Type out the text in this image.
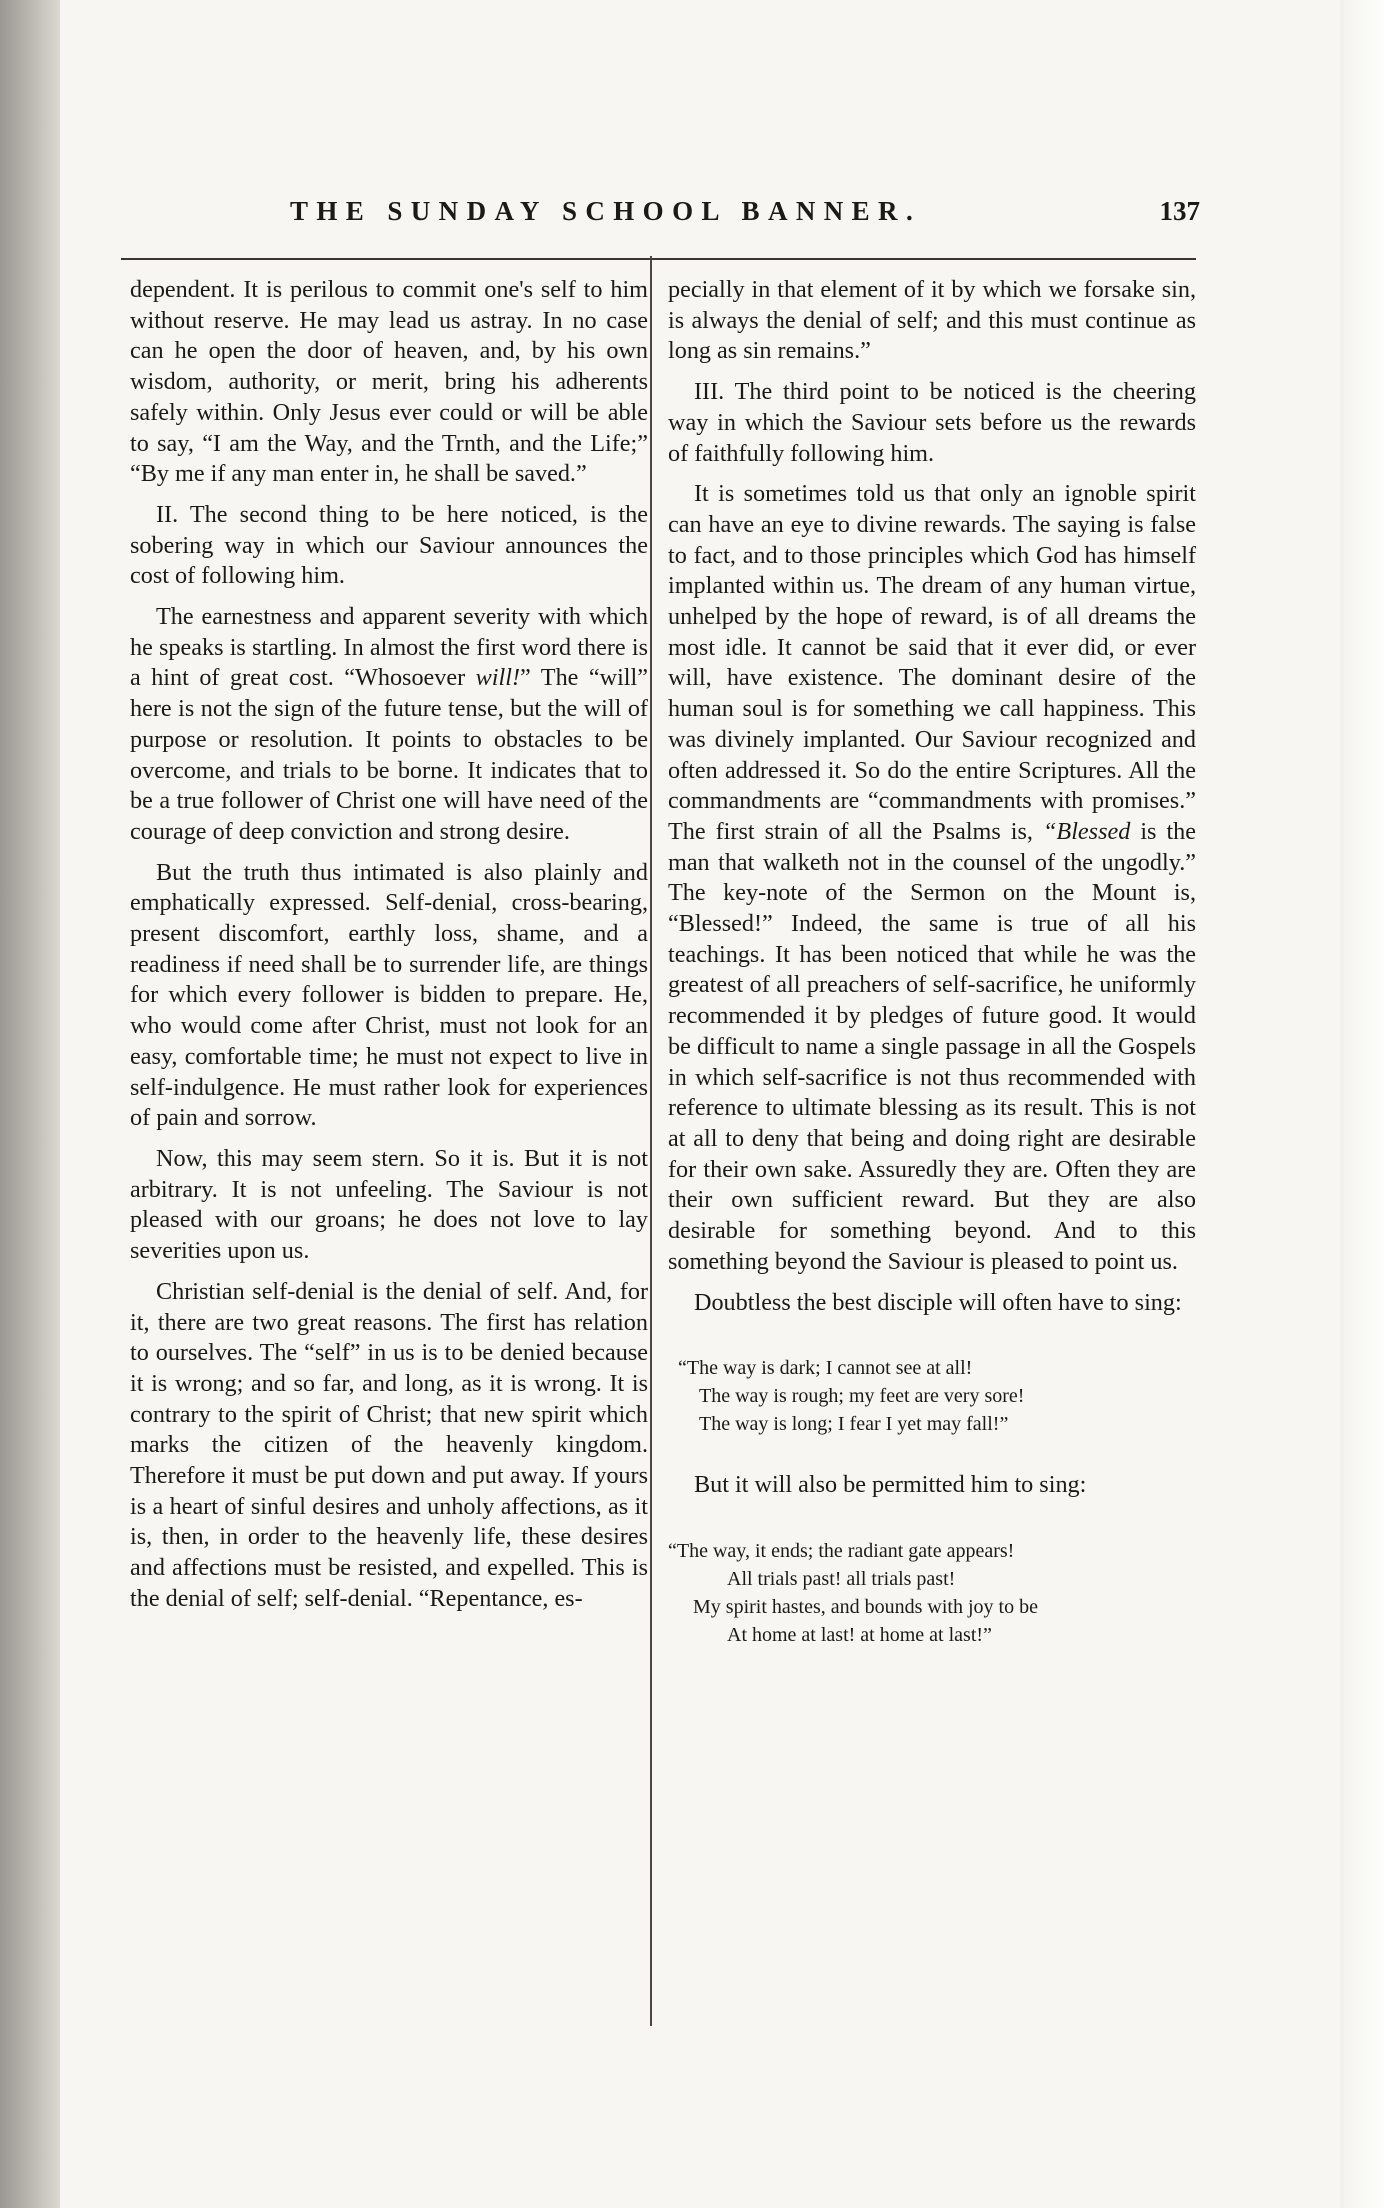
THE SUNDAY SCHOOL BANNER.	137

dependent. It is perilous to commit one's self to him without reserve. He may lead us astray. In no case can he open the door of heaven, and, by his own wisdom, authority, or merit, bring his adherents safely within. Only Jesus ever could or will be able to say, “I am the Way, and the Trnth, and the Life;” “By me if any man enter in, he shall be saved.”

II. The second thing to be here noticed, is the sobering way in which our Saviour announces the cost of following him.

The earnestness and apparent severity with which he speaks is startling. In almost the first word there is a hint of great cost. “Whosoever will!” The “will” here is not the sign of the future tense, but the will of purpose or resolution. It points to obstacles to be overcome, and trials to be borne. It indicates that to be a true follower of Christ one will have need of the courage of deep conviction and strong desire.

But the truth thus intimated is also plainly and emphatically expressed. Self-denial, cross-bearing, present discomfort, earthly loss, shame, and a readiness if need shall be to surrender life, are things for which every follower is bidden to prepare. He, who would come after Christ, must not look for an easy, comfortable time; he must not expect to live in self-indulgence. He must rather look for experiences of pain and sorrow.

Now, this may seem stern. So it is. But it is not arbitrary. It is not unfeeling. The Saviour is not pleased with our groans; he does not love to lay severities upon us.

Christian self-denial is the denial of self. And, for it, there are two great reasons. The first has relation to ourselves. The “self” in us is to be denied because it is wrong; and so far, and long, as it is wrong. It is contrary to the spirit of Christ; that new spirit which marks the citizen of the heavenly kingdom. Therefore it must be put down and put away. If yours is a heart of sinful desires and unholy affections, as it is, then, in order to the heavenly life, these desires and affections must be resisted, and expelled. This is the denial of self; self-denial. “Repentance, es-

pecially in that element of it by which we forsake sin, is always the denial of self; and this must continue as long as sin remains.”

III. The third point to be noticed is the cheering way in which the Saviour sets before us the rewards of faithfully following him.

It is sometimes told us that only an ignoble spirit can have an eye to divine rewards. The saying is false to fact, and to those principles which God has himself implanted within us. The dream of any human virtue, unhelped by the hope of reward, is of all dreams the most idle. It cannot be said that it ever did, or ever will, have existence. The dominant desire of the human soul is for something we call happiness. This was divinely implanted. Our Saviour recognized and often addressed it. So do the entire Scriptures. All the commandments are “commandments with promises.” The first strain of all the Psalms is, “Blessed is the man that walketh not in the counsel of the ungodly.” The key-note of the Sermon on the Mount is, “Blessed!” Indeed, the same is true of all his teachings. It has been noticed that while he was the greatest of all preachers of self-sacrifice, he uniformly recommended it by pledges of future good. It would be difficult to name a single passage in all the Gospels in which self-sacrifice is not thus recommended with reference to ultimate blessing as its result. This is not at all to deny that being and doing right are desirable for their own sake. Assuredly they are. Often they are their own sufficient reward. But they are also desirable for something beyond. And to this something beyond the Saviour is pleased to point us.

Doubtless the best disciple will often have to sing:

“The way is dark; I cannot see at all!
The way is rough; my feet are very sore!
The way is long; I fear I yet may fall!”

But it will also be permitted him to sing:

“The way, it ends; the radiant gate appears!
All trials past! all trials past!
My spirit hastes, and bounds with joy to be
At home at last! at home at last!”
